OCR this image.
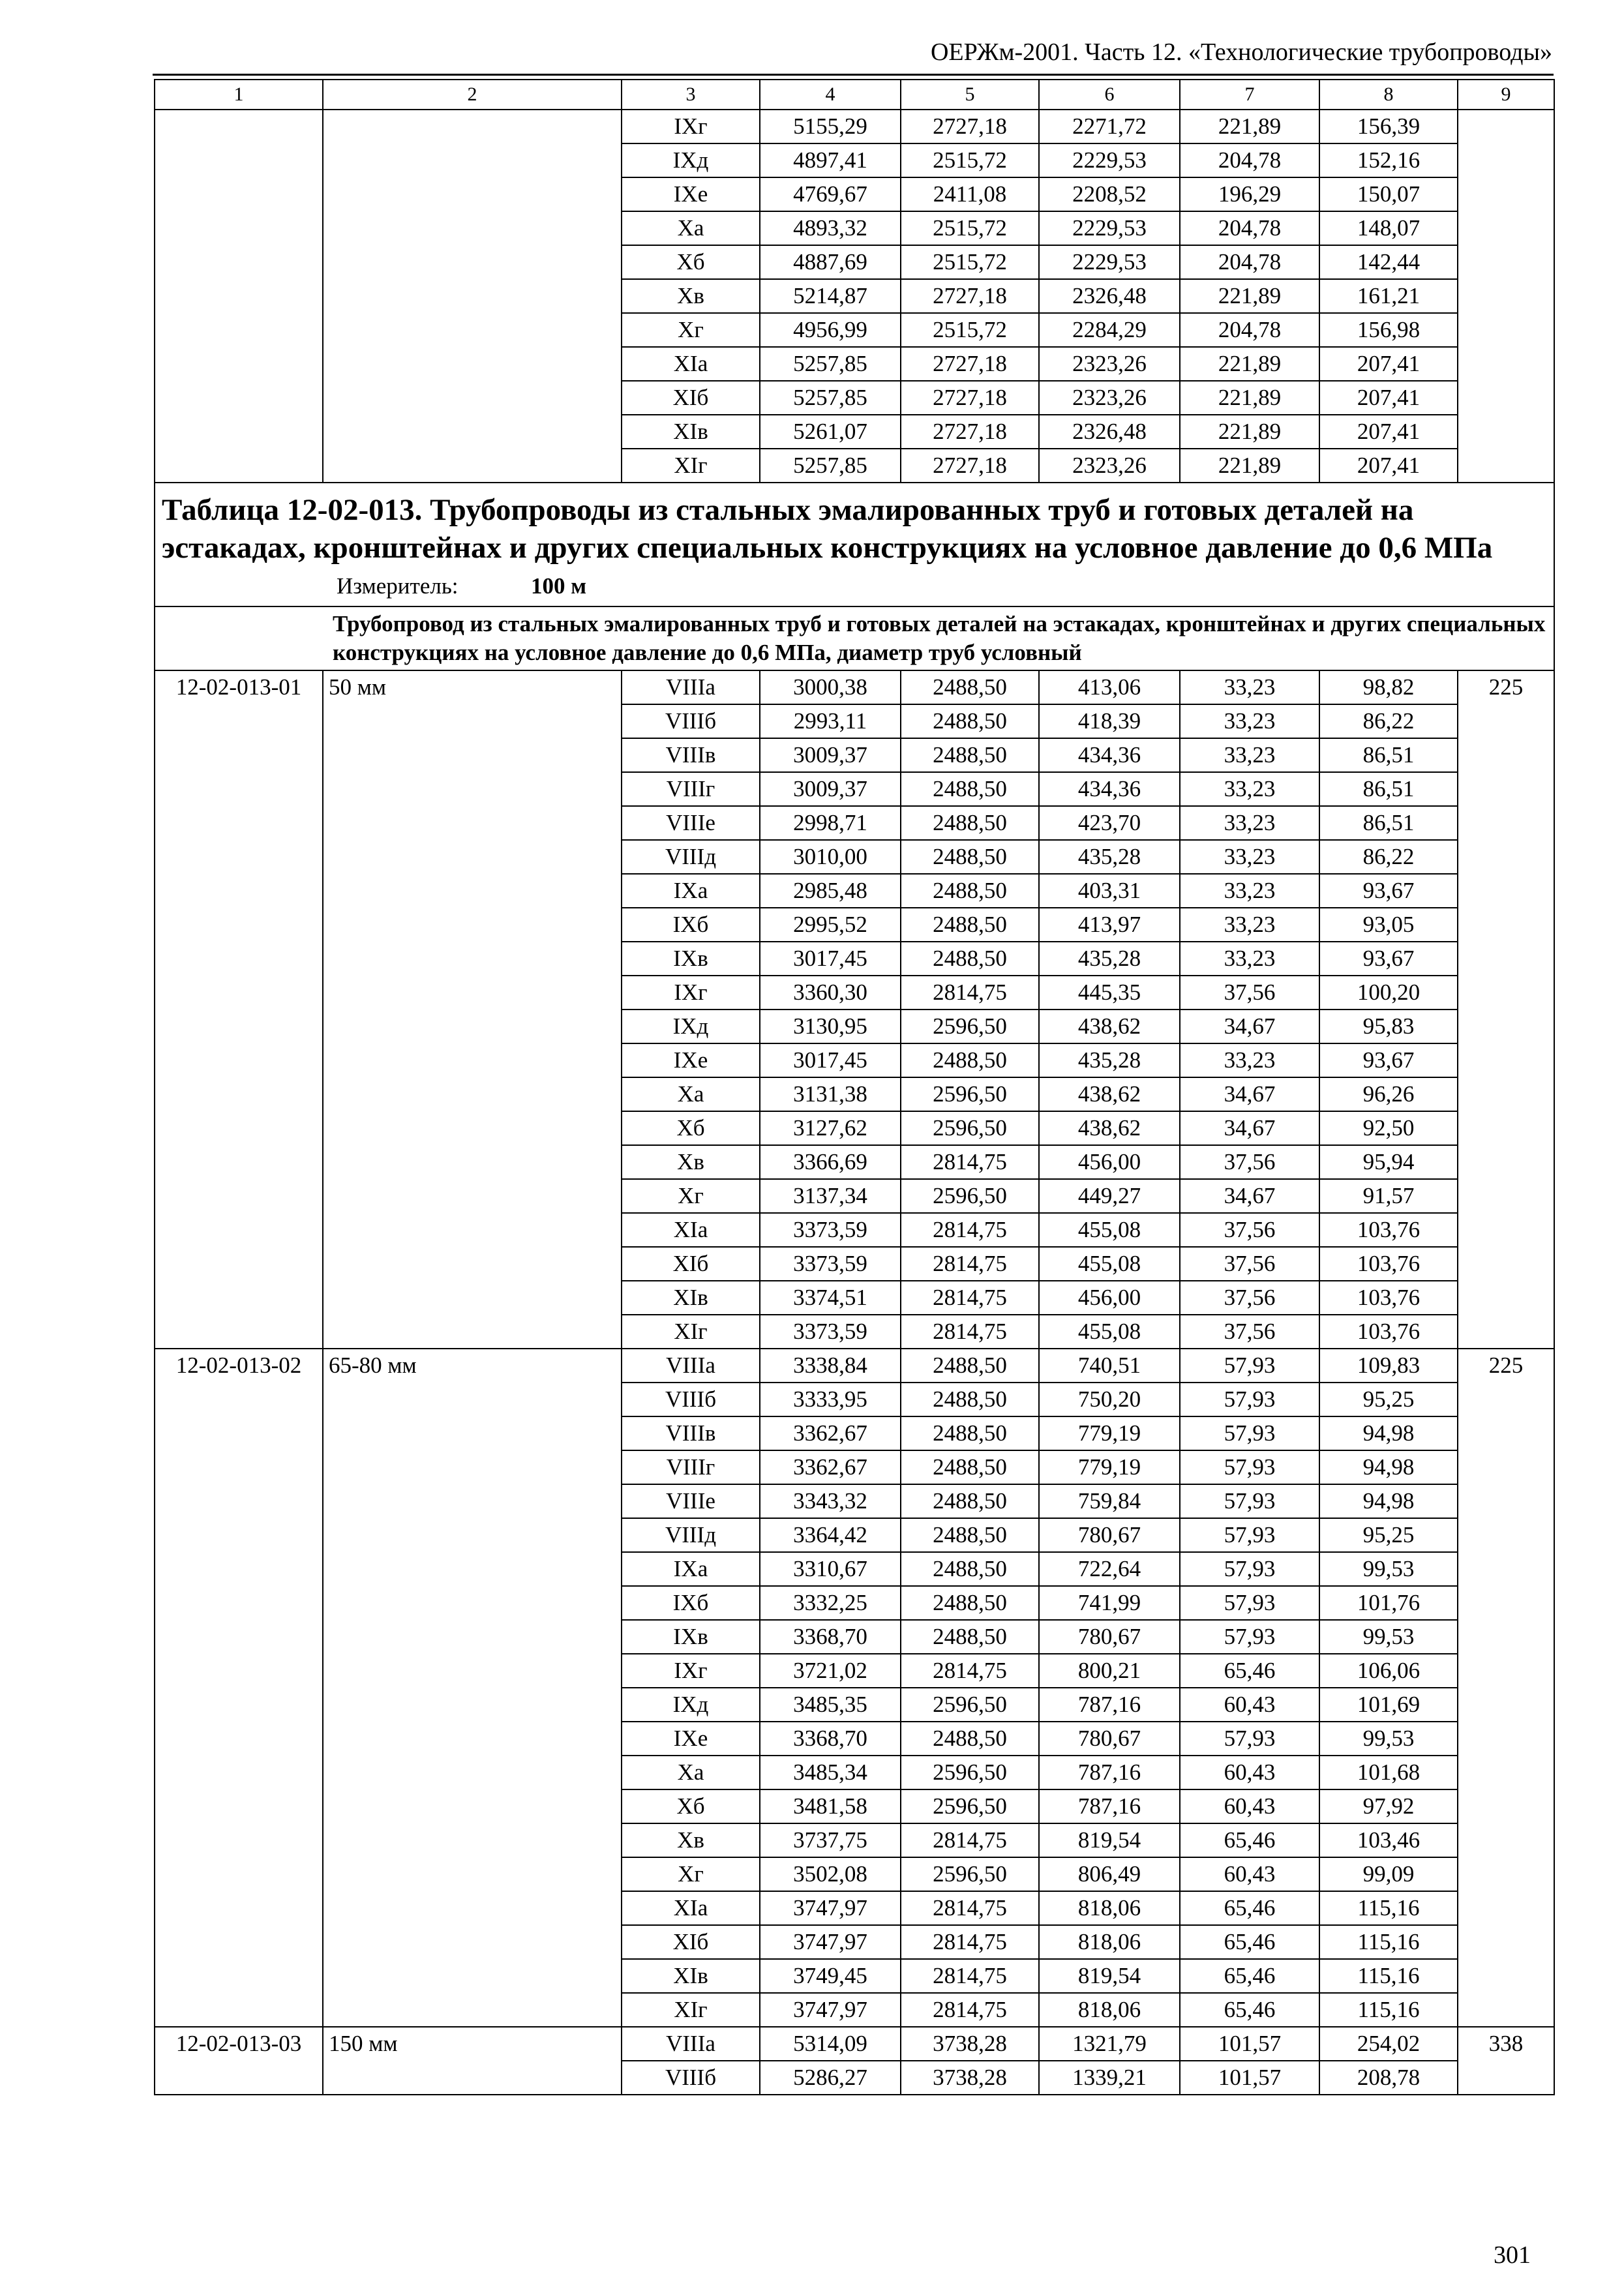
ОЕРЖм-2001. Часть 12. «Технологические трубопроводы»
1	2	3	4	5	6	7	8	9
		IXг	5155,29	2727,18	2271,72	221,89	156,39	
		IXд	4897,41	2515,72	2229,53	204,78	152,16	
		IXе	4769,67	2411,08	2208,52	196,29	150,07	
		Xа	4893,32	2515,72	2229,53	204,78	148,07	
		Xб	4887,69	2515,72	2229,53	204,78	142,44	
		Xв	5214,87	2727,18	2326,48	221,89	161,21	
		Xг	4956,99	2515,72	2284,29	204,78	156,98	
		XIа	5257,85	2727,18	2323,26	221,89	207,41	
		XIб	5257,85	2727,18	2323,26	221,89	207,41	
		XIв	5261,07	2727,18	2326,48	221,89	207,41	
		XIг	5257,85	2727,18	2323,26	221,89	207,41	

Таблица 12-02-013. Трубопроводы из стальных эмалированных труб и готовых деталей на эстакадах, кронштейнах и других специальных конструкциях на условное давление до 0,6 МПа
Измеритель: 100 м								

Трубопровод из стальных эмалированных труб и готовых деталей на эстакадах, кронштейнах и других специальных конструкциях на условное давление до 0,6 МПа, диаметр труб условный								
12-02-013-01	50 мм	VIIIа	3000,38	2488,50	413,06	33,23	98,82	225
		VIIIб	2993,11	2488,50	418,39	33,23	86,22	
		VIIIв	3009,37	2488,50	434,36	33,23	86,51	
		VIIIг	3009,37	2488,50	434,36	33,23	86,51	
		VIIIе	2998,71	2488,50	423,70	33,23	86,51	
		VIIIд	3010,00	2488,50	435,28	33,23	86,22	
		IXа	2985,48	2488,50	403,31	33,23	93,67	
		IXб	2995,52	2488,50	413,97	33,23	93,05	
		IXв	3017,45	2488,50	435,28	33,23	93,67	
		IXг	3360,30	2814,75	445,35	37,56	100,20	
		IXд	3130,95	2596,50	438,62	34,67	95,83	
		IXе	3017,45	2488,50	435,28	33,23	93,67	
		Xа	3131,38	2596,50	438,62	34,67	96,26	
		Xб	3127,62	2596,50	438,62	34,67	92,50	
		Xв	3366,69	2814,75	456,00	37,56	95,94	
		Xг	3137,34	2596,50	449,27	34,67	91,57	
		XIа	3373,59	2814,75	455,08	37,56	103,76	
		XIб	3373,59	2814,75	455,08	37,56	103,76	
		XIв	3374,51	2814,75	456,00	37,56	103,76	
		XIг	3373,59	2814,75	455,08	37,56	103,76	
12-02-013-02	65-80 мм	VIIIа	3338,84	2488,50	740,51	57,93	109,83	225
		VIIIб	3333,95	2488,50	750,20	57,93	95,25	
		VIIIв	3362,67	2488,50	779,19	57,93	94,98	
		VIIIг	3362,67	2488,50	779,19	57,93	94,98	
		VIIIе	3343,32	2488,50	759,84	57,93	94,98	
		VIIIд	3364,42	2488,50	780,67	57,93	95,25	
		IXа	3310,67	2488,50	722,64	57,93	99,53	
		IXб	3332,25	2488,50	741,99	57,93	101,76	
		IXв	3368,70	2488,50	780,67	57,93	99,53	
		IXг	3721,02	2814,75	800,21	65,46	106,06	
		IXд	3485,35	2596,50	787,16	60,43	101,69	
		IXе	3368,70	2488,50	780,67	57,93	99,53	
		Xа	3485,34	2596,50	787,16	60,43	101,68	
		Xб	3481,58	2596,50	787,16	60,43	97,92	
		Xв	3737,75	2814,75	819,54	65,46	103,46	
		Xг	3502,08	2596,50	806,49	60,43	99,09	
		XIа	3747,97	2814,75	818,06	65,46	115,16	
		XIб	3747,97	2814,75	818,06	65,46	115,16	
		XIв	3749,45	2814,75	819,54	65,46	115,16	
		XIг	3747,97	2814,75	818,06	65,46	115,16	
12-02-013-03	150 мм	VIIIа	5314,09	3738,28	1321,79	101,57	254,02	338
		VIIIб	5286,27	3738,28	1339,21	101,57	208,78	
301
